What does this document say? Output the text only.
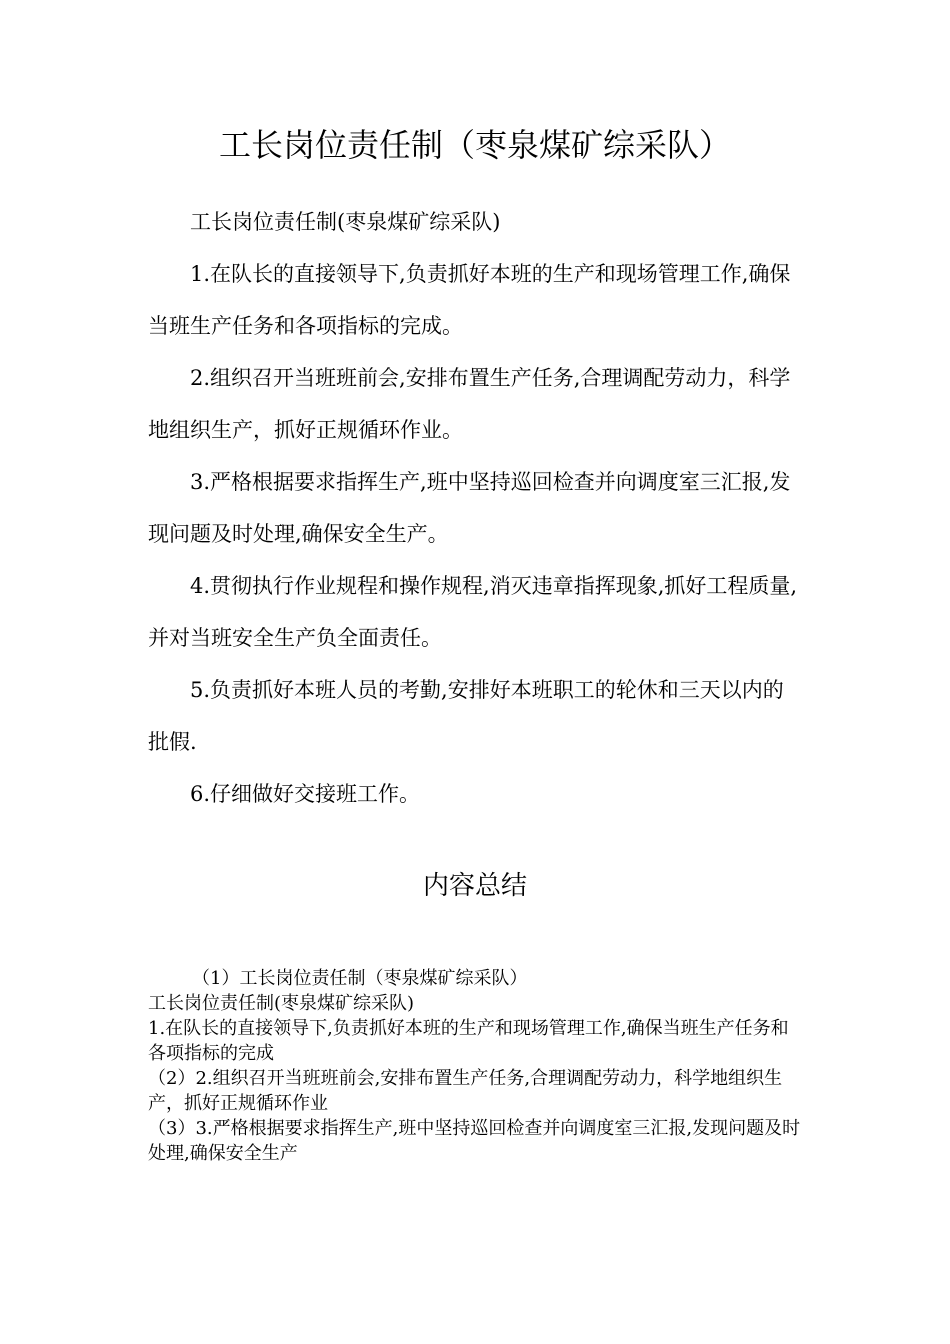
工长岗位责任制（枣泉煤矿综采队）

工长岗位责任制(枣泉煤矿综采队)

1.在队长的直接领导下,负责抓好本班的生产和现场管理工作,确保当班生产任务和各项指标的完成。

2.组织召开当班班前会,安排布置生产任务,合理调配劳动力，科学地组织生产，抓好正规循环作业。

3.严格根据要求指挥生产,班中坚持巡回检查并向调度室三汇报,发现问题及时处理,确保安全生产。

4.贯彻执行作业规程和操作规程,消灭违章指挥现象,抓好工程质量,并对当班安全生产负全面责任。

5.负责抓好本班人员的考勤,安排好本班职工的轮休和三天以内的批假.

6.仔细做好交接班工作。

内容总结
（1）工长岗位责任制（枣泉煤矿综采队）
工长岗位责任制(枣泉煤矿综采队)
1.在队长的直接领导下,负责抓好本班的生产和现场管理工作,确保当班生产任务和各项指标的完成
（2）2.组织召开当班班前会,安排布置生产任务,合理调配劳动力，科学地组织生产，抓好正规循环作业
（3）3.严格根据要求指挥生产,班中坚持巡回检查并向调度室三汇报,发现问题及时处理,确保安全生产
